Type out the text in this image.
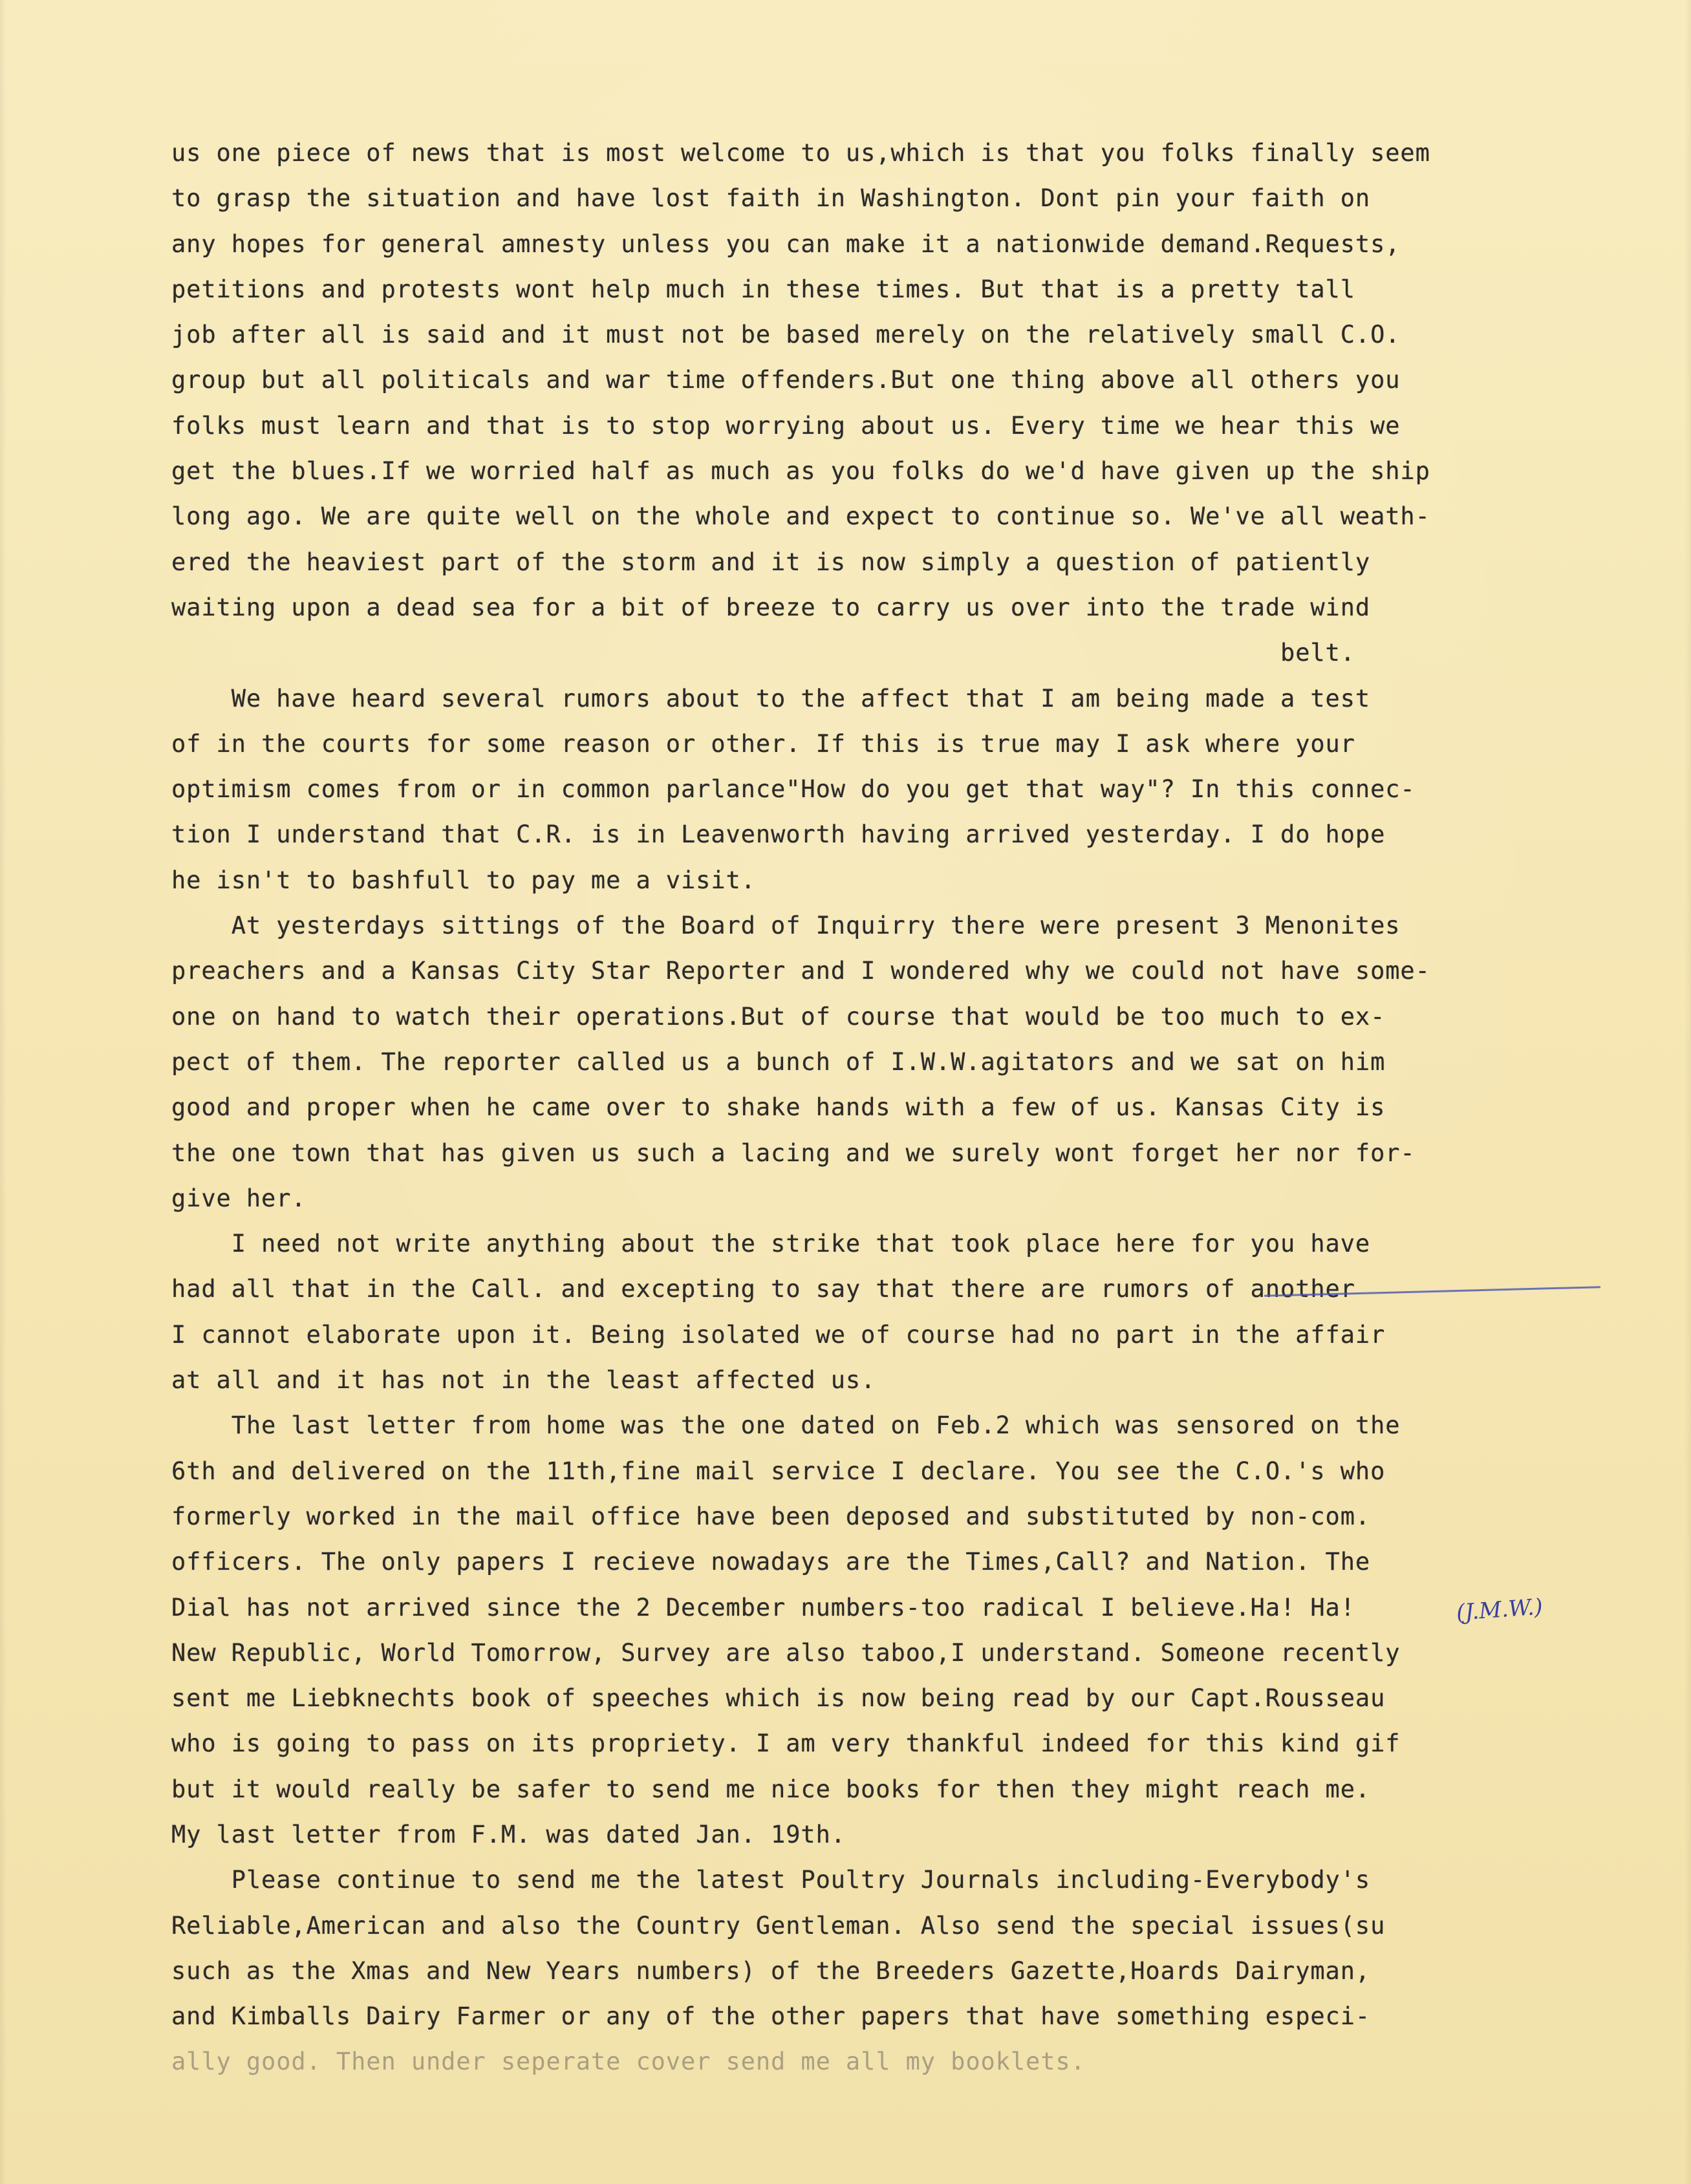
us one piece of news that is most welcome to us,which is that you folks finally seem
to grasp the situation and have lost faith in Washington. Dont pin your faith on
any hopes for general amnesty unless you can make it a nationwide demand.Requests,
petitions and protests wont help much in these times. But that is a pretty tall
job after all is said and it must not be based merely on the relatively small C.O.
group but all politicals and war time offenders.But one thing above all others you
folks must learn and that is to stop worrying about us. Every time we hear this we
get the blues.If we worried half as much as you folks do we'd have given up the ship
long ago. We are quite well on the whole and expect to continue so. We've all weath-
ered the heaviest part of the storm and it is now simply a question of patiently
waiting upon a dead sea for a bit of breeze to carry us over into the trade wind
belt.
We have heard several rumors about to the affect that I am being made a test
of in the courts for some reason or other. If this is true may I ask where your
optimism comes from or in common parlance"How do you get that way"? In this connec-
tion I understand that C.R. is in Leavenworth having arrived yesterday. I do hope
he isn't to bashfull to pay me a visit.
At yesterdays sittings of the Board of Inquirry there were present 3 Menonites
preachers and a Kansas City Star Reporter and I wondered why we could not have some-
one on hand to watch their operations.But of course that would be too much to ex-
pect of them. The reporter called us a bunch of I.W.W.agitators and we sat on him
good and proper when he came over to shake hands with a few of us. Kansas City is
the one town that has given us such a lacing and we surely wont forget her nor for-
give her.
I need not write anything about the strike that took place here for you have
had all that in the Call. and excepting to say that there are rumors of another
I cannot elaborate upon it. Being isolated we of course had no part in the affair
at all and it has not in the least affected us.
The last letter from home was the one dated on Feb.2 which was sensored on the
6th and delivered on the 11th,fine mail service I declare. You see the C.O.'s who
formerly worked in the mail office have been deposed and substituted by non-com.
officers. The only papers I recieve nowadays are the Times,Call? and Nation. The
Dial has not arrived since the 2 December numbers-too radical I believe.Ha! Ha!
New Republic, World Tomorrow, Survey are also taboo,I understand. Someone recently
sent me Liebknechts book of speeches which is now being read by our Capt.Rousseau
who is going to pass on its propriety. I am very thankful indeed for this kind gif
but it would really be safer to send me nice books for then they might reach me.
My last letter from F.M. was dated Jan. 19th.
Please continue to send me the latest Poultry Journals including-Everybody's
Reliable,American and also the Country Gentleman. Also send the special issues(su
such as the Xmas and New Years numbers) of the Breeders Gazette,Hoards Dairyman,
and Kimballs Dairy Farmer or any of the other papers that have something especi-
ally good. Then under seperate cover send me all my booklets.
(J.M.W.)
